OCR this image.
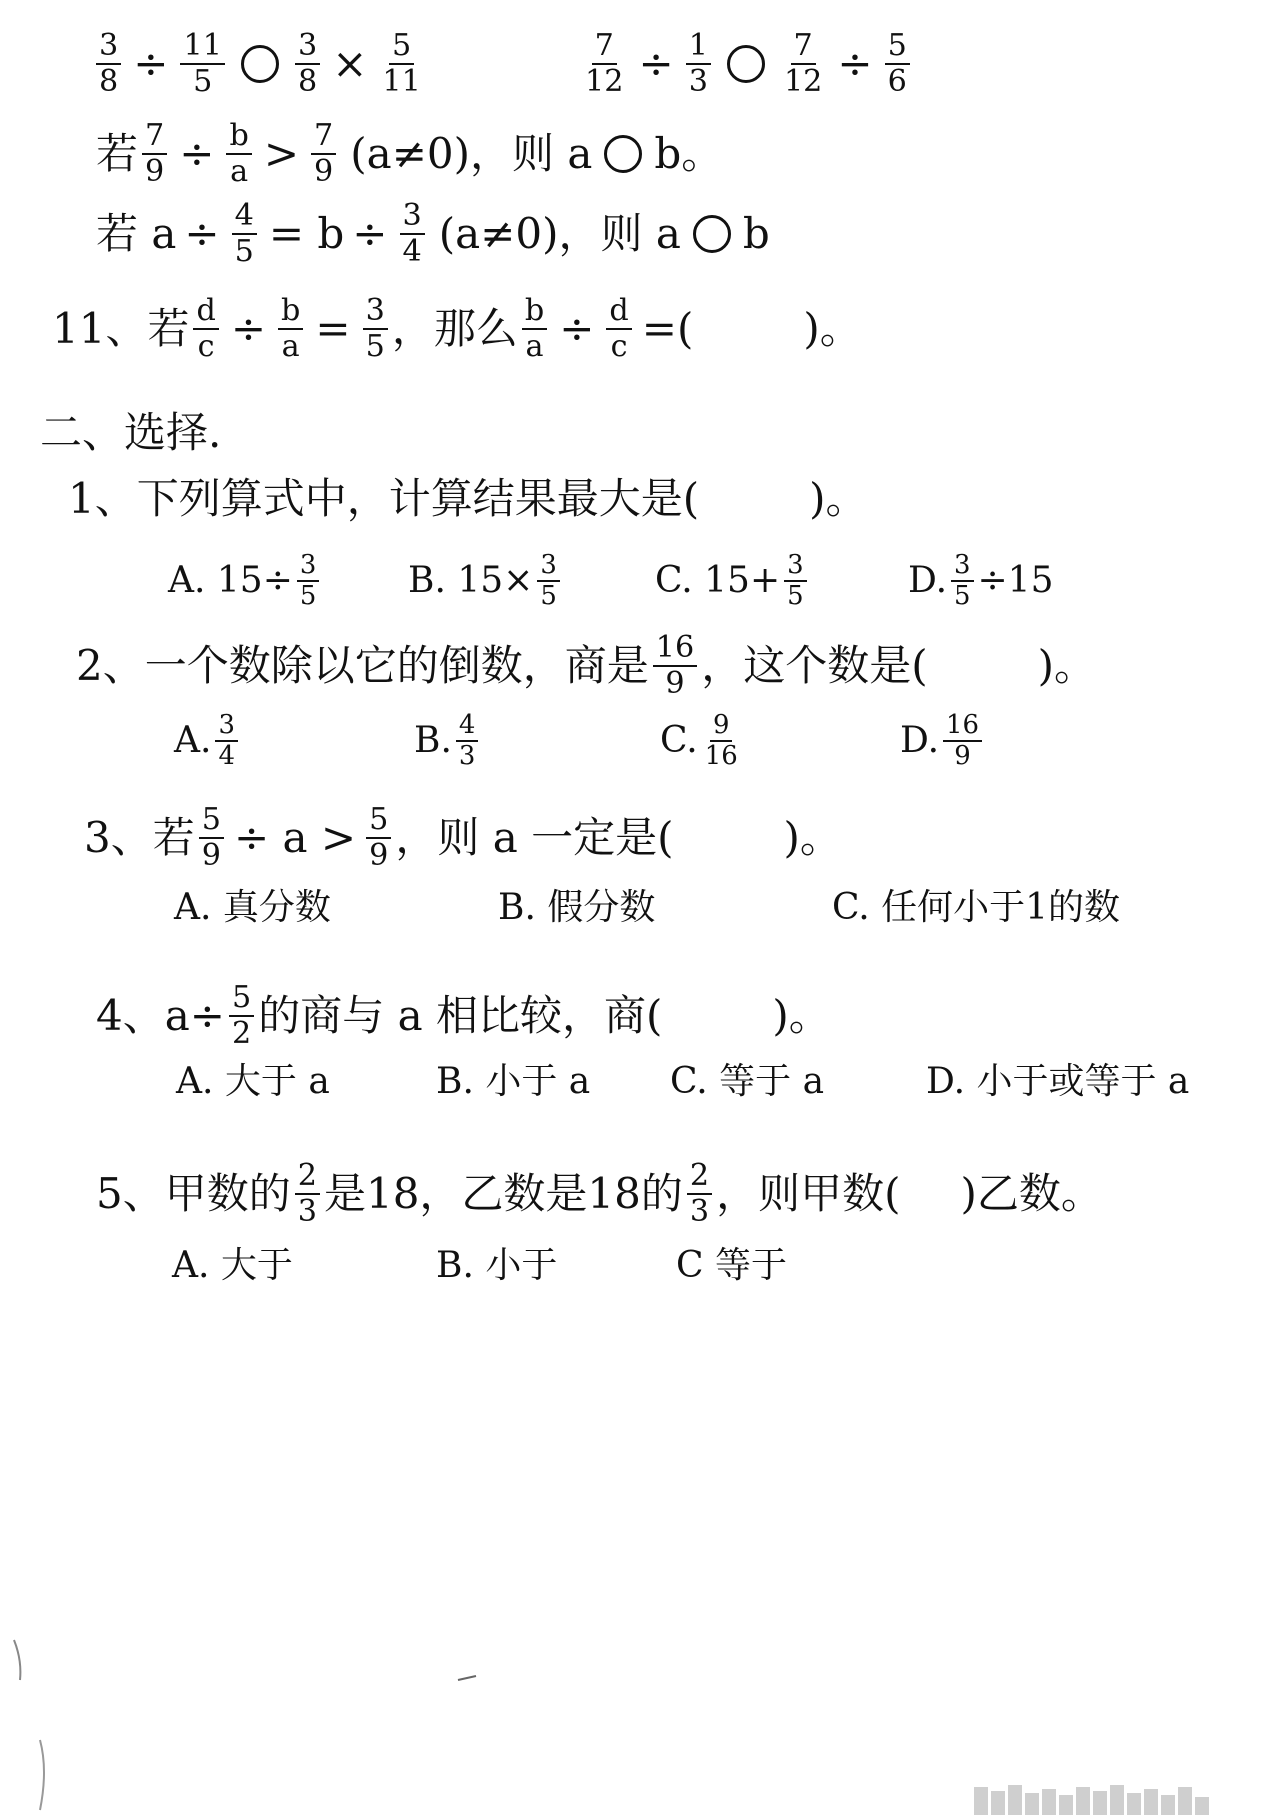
$\frac{3}{8} \div \frac{11}{5} \frac{3}{8} \times \frac{5}{11}$	$\frac{7}{12} \div \frac{1}{3} \frac{7}{12} \div \frac{5}{6}$
若 $\frac{7}{9} \div \frac{b}{a} > \frac{7}{9} (a\ne 0)$ ，则 a b。
若 $a \div \frac{4}{5} = b \div \frac{3}{4} (a\ne 0)$ ，则 a b
11、若 $\frac{d}{c} \div \frac{b}{a} = \frac{3}{5}$ ，那么 $\frac{b}{a} \div \frac{d}{c}$ =(	)。
二、选择.
1、下列算式中，计算结果最大是(	)。
A. $15\div \frac{3}{5} B$. $15\times \frac{3}{5}$	C. $15+ \frac{3}{5}$	D. $\frac{3}{5} \div 15$
2、一个数除以它的倒数，商是 $\frac{16}{9}$ ，这个数是(	)。
A. $\frac{3}{4}$	B. $\frac{4}{3}$	C. $\frac{9}{16}$	D. $\frac{16}{9}$
3、若 $\frac{5}{9} \div a > \frac{5}{9}$ ，则 a 一定是(	)。
A. 真分数	B. 假分数	C. 任何小于1的数
4、$a\div \frac{5}{2}$ 的商与 a 相比较，商(	)。
A. 大于 a	B. 小于 a C. 等于 a	D. 小于或等于 a
5、甲数的 $\frac{2}{3}$ 是18，乙数是18的 $\frac{2}{3}$ ，则甲数( )乙数。
A. 大于	B. 小于	C 等于
